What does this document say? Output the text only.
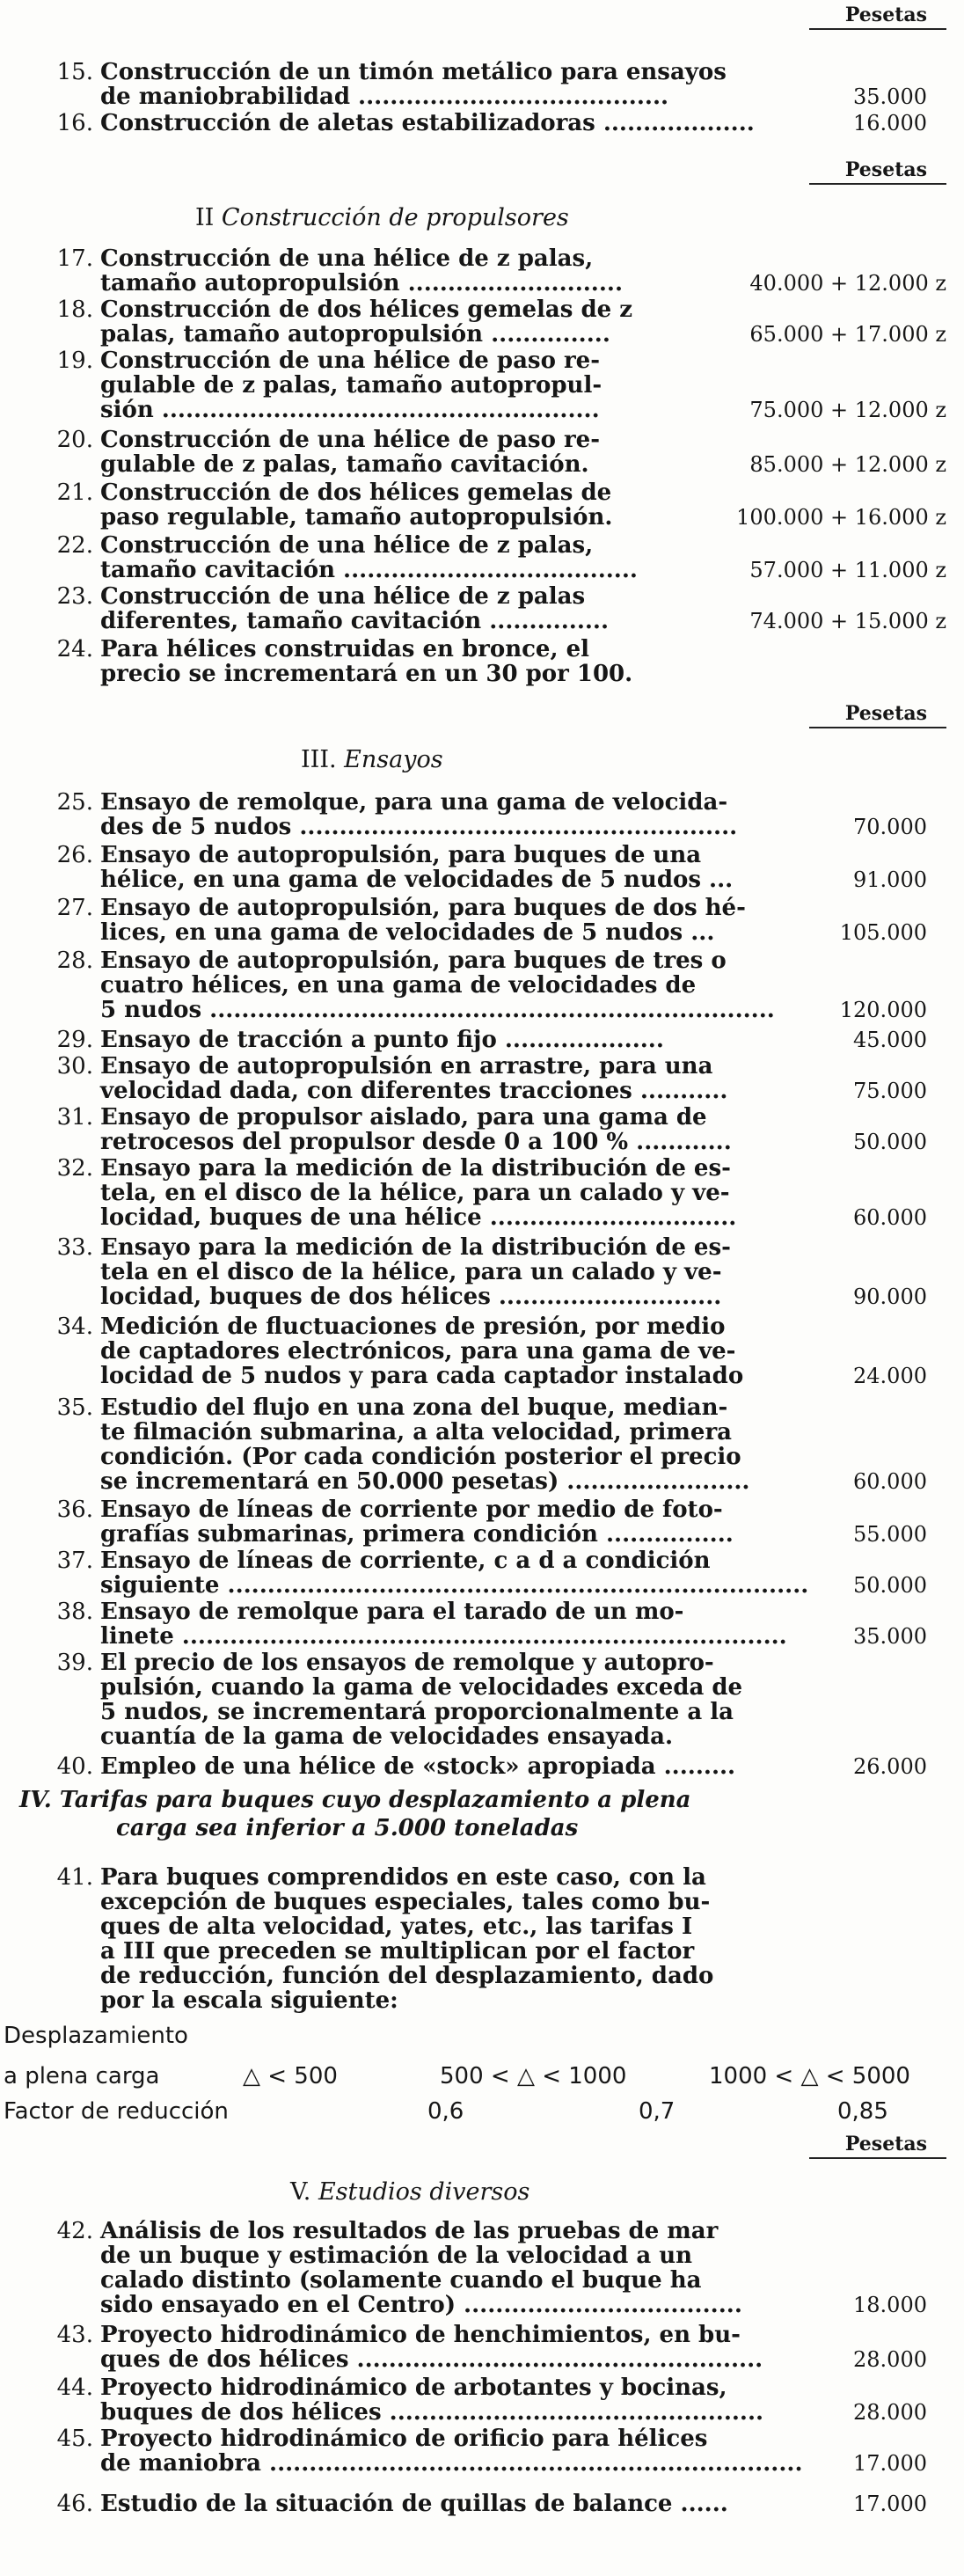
Pesetas
15. Construcción de un timón metálico para ensayos
de maniobrabilidad .......................................	35.000
16. Construcción de aletas estabilizadoras ...................	16.000
Pesetas
II Construcción de propulsores
17. Construcción de una hélice de z palas,
tamaño autopropulsión ...........................	40.000 + 12.000 z
18. Construcción de dos hélices gemelas de z
palas, tamaño autopropulsión ...............	65.000 + 17.000 z
19. Construcción de una hélice de paso re-
gulable de z palas, tamaño autopropul-
sión .......................................................	75.000 + 12.000 z
20. Construcción de una hélice de paso re-
gulable de z palas, tamaño cavitación.	85.000 + 12.000 z
21. Construcción de dos hélices gemelas de
paso regulable, tamaño autopropulsión.	100.000 + 16.000 z
22. Construcción de una hélice de z palas,
tamaño cavitación .....................................	57.000 + 11.000 z
23. Construcción de una hélice de z palas
diferentes, tamaño cavitación ...............	74.000 + 15.000 z
24. Para hélices construidas en bronce, el
precio se incrementará en un 30 por 100.
Pesetas
III. Ensayos
25. Ensayo de remolque, para una gama de velocida-
des de 5 nudos .......................................................	70.000
26. Ensayo de autopropulsión, para buques de una
hélice, en una gama de velocidades de 5 nudos ...	91.000
27. Ensayo de autopropulsión, para buques de dos hé-
lices, en una gama de velocidades de 5 nudos ...	105.000
28. Ensayo de autopropulsión, para buques de tres o
cuatro hélices, en una gama de velocidades de
5 nudos .......................................................................	120.000
29. Ensayo de tracción a punto fijo ....................	45.000
30. Ensayo de autopropulsión en arrastre, para una
velocidad dada, con diferentes tracciones ...........	75.000
31. Ensayo de propulsor aislado, para una gama de
retrocesos del propulsor desde 0 a 100 % ............	50.000
32. Ensayo para la medición de la distribución de es-
tela, en el disco de la hélice, para un calado y ve-
locidad, buques de una hélice ...............................	60.000
33. Ensayo para la medición de la distribución de es-
tela en el disco de la hélice, para un calado y ve-
locidad, buques de dos hélices ............................	90.000
34. Medición de fluctuaciones de presión, por medio
de captadores electrónicos, para una gama de ve-
locidad de 5 nudos y para cada captador instalado	24.000
35. Estudio del flujo en una zona del buque, median-
te filmación submarina, a alta velocidad, primera
condición. (Por cada condición posterior el precio
se incrementará en 50.000 pesetas) .......................	60.000
36. Ensayo de líneas de corriente por medio de foto-
grafías submarinas, primera condición ................	55.000
37. Ensayo de líneas de corriente, c a d a condición
siguiente ......................................................................... 50.000
38. Ensayo de remolque para el tarado de un mo-
linete ............................................................................	35.000
39. El precio de los ensayos de remolque y autopro-
pulsión, cuando la gama de velocidades exceda de
5 nudos, se incrementará proporcionalmente a la
cuantía de la gama de velocidades ensayada.
40. Empleo de una hélice de «stock» apropiada .........	26.000
IV. Tarifas para buques cuyo desplazamiento a plena
carga sea inferior a 5.000 toneladas
41. Para buques comprendidos en este caso, con la
excepción de buques especiales, tales como bu-
ques de alta velocidad, yates, etc., las tarifas I
a III que preceden se multiplican por el factor
de reducción, función del desplazamiento, dado
por la escala siguiente:
Desplazamiento
a plena carga	△ < 500	500 < △ < 1000	1000 < △ < 5000
Factor de reducción	0,6	0,7	0,85
Pesetas
V. Estudios diversos
42. Análisis de los resultados de las pruebas de mar
de un buque y estimación de la velocidad a un
calado distinto (solamente cuando el buque ha
sido ensayado en el Centro) ...................................	18.000
43. Proyecto hidrodinámico de henchimientos, en bu-
ques de dos hélices ...................................................	28.000
44. Proyecto hidrodinámico de arbotantes y bocinas,
buques de dos hélices ...............................................	28.000
45. Proyecto hidrodinámico de orificio para hélices
de maniobra ................................................................... 17.000
46. Estudio de la situación de quillas de balance ......	17.000
